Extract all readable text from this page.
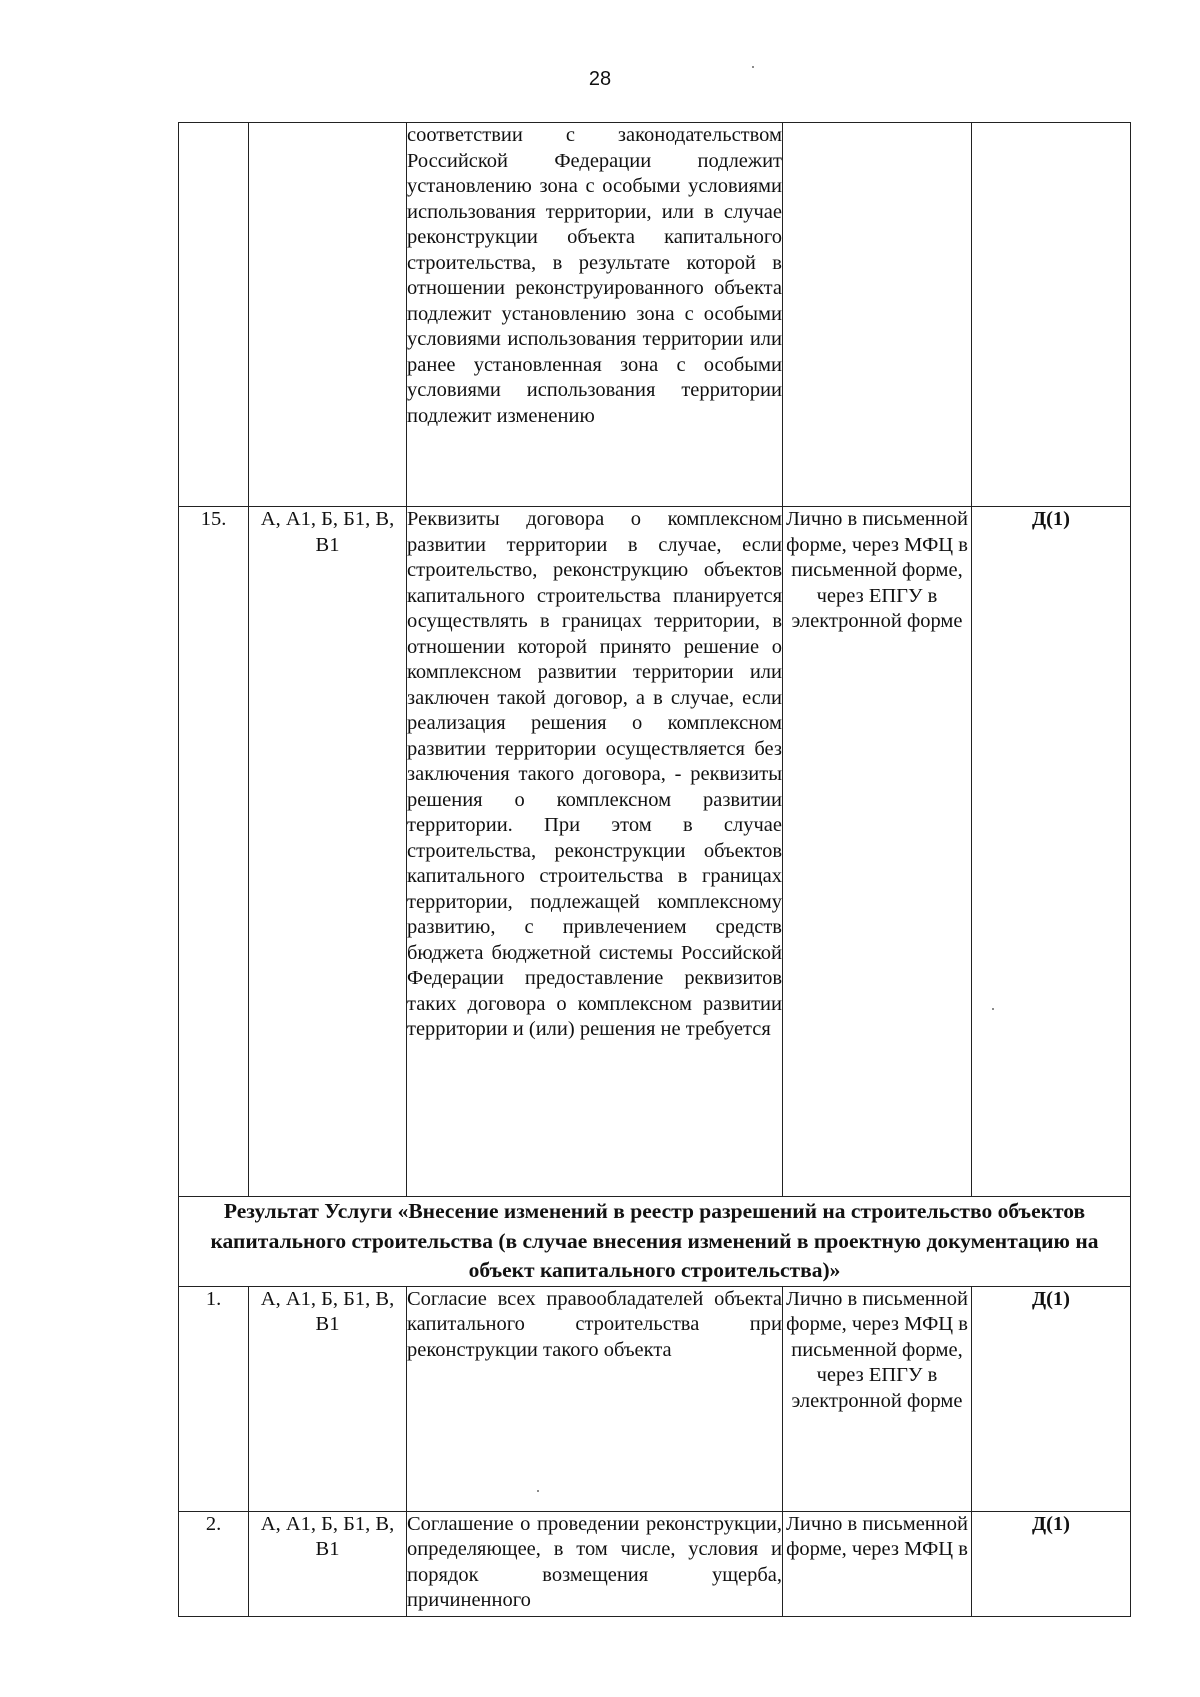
28

		соответствии с законодательством Российской Федерации подлежит установлению зона с особыми условиями использования территории, или в случае реконструкции объекта капитального строительства, в результате которой в отношении реконструированного объекта подлежит установлению зона с особыми условиями использования территории или ранее установленная зона с особыми условиями использования территории подлежит изменению		

15.	А, А1, Б, Б1, В, В1	Реквизиты договора о комплексном развитии территории в случае, если строительство, реконструкцию объектов капитального строительства планируется осуществлять в границах территории, в отношении которой принято решение о комплексном развитии территории или заключен такой договор, а в случае, если реализация решения о комплексном развитии территории осуществляется без заключения такого договора, - реквизиты решения о комплексном развитии территории. При этом в случае строительства, реконструкции объектов капитального строительства в границах территории, подлежащей комплексному развитию, с привлечением средств бюджета бюджетной системы Российской Федерации предоставление реквизитов таких договора о комплексном развитии территории и (или) решения не требуется	Лично в письменной форме, через МФЦ в письменной форме, через ЕПГУ в электронной форме	Д(1)
Результат Услуги «Внесение изменений в реестр разрешений на строительство объектов капитального строительства (в случае внесения изменений в проектную документацию на объект капитального строительства)»				
1.	А, А1, Б, Б1, В, В1	Согласие всех правообладателей объекта капитального строительства при реконструкции такого объекта	Лично в письменной форме, через МФЦ в письменной форме, через ЕПГУ в электронной форме	Д(1)
2.	А, А1, Б, Б1, В, В1	Соглашение о проведении реконструкции, определяющее, в том числе, условия и порядок возмещения ущерба, причиненного	Лично в письменной форме, через МФЦ в	Д(1)
